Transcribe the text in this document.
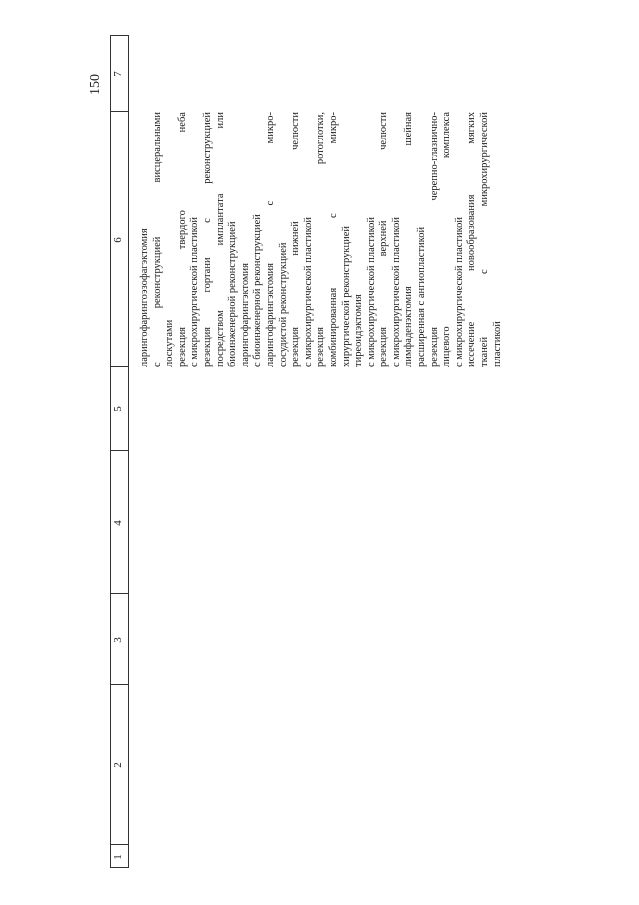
150
1
2
3
4
5
6
7
ларингофарингоэзофагэктомия с
реконструкцией
висцеральными
лоскутами резекция
твердого
неба
с микрохирургической пластикой резекция
гортани
с
реконструкцией
посредством
имплантата
или
биоинженерной реконструкцией ларингофарингэктомия с биоинженерной реконструкцией ларингофарингэктомия
с
микро-
сосудистой реконструкцией резекция
нижней
челюсти
с микрохирургической пластикой резекция
ротоглотки,
комбинированная
с
микро-
хирургической реконструкцией тиреоидэктомия с микрохирургической пластикой резекция
верхней
челюсти
с микрохирургической пластикой лимфаденэктомия
шейная
расширенная с ангиопластикой резекция
черепно-глазнично-
лицевого
комплекса
с микрохирургической пластикой иссечение
новообразования
мягких
тканей
с
микрохирургической
пластикой
